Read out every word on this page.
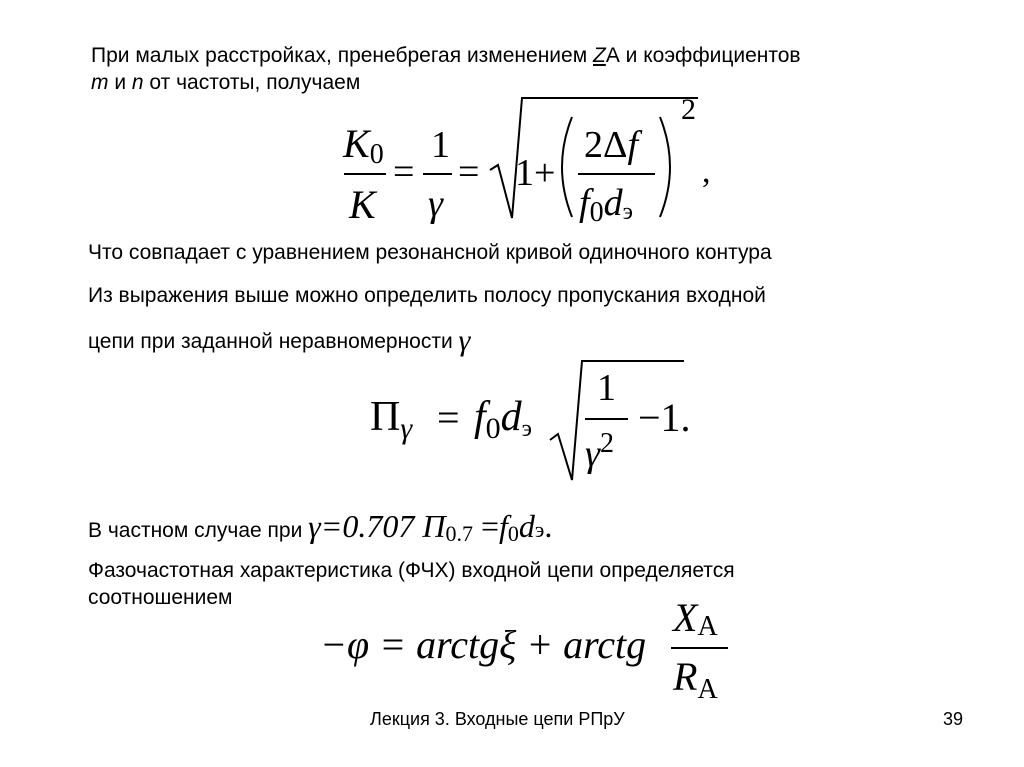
При малых расстройках, пренебрегая изменением ZА и коэффициентов
m и n от частоты, получаем
$K_0$
K
=
1
γ
= 1+
2Δf
$f_0d_э$
2
,
Что совпадает с уравнением резонансной кривой одиночного контура
Из выражения выше можно определить полосу пропускания входной
цепи при заданной неравномерности γ
$\Pi_\gamma = f_0d_э$
1
$\gamma^2$
−1.
В частном случае при γ=0.707 $\Pi_{0.7} =f_0dэ$.
Фазочастотная характеристика (ФЧХ) входной цепи определяется
соотношением
−φ = arctgξ + arctg
$X_А$
$R_А$
Лекция 3. Входные цепи РПрУ	39
